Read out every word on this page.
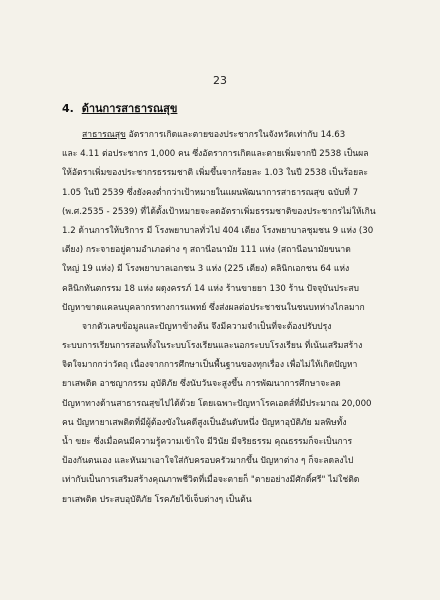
23
4. ด้านการสาธารณสุข
สาธารณสุข อัตราการเกิดและตายของประชากรในจังหวัดเท่ากับ 14.63
และ 4.11 ต่อประชากร 1,000 คน ซึ่งอัตราการเกิดและตายเพิ่มจากปี 2538 เป็นผล
ให้อัตราเพิ่มของประชากรธรรมชาติ เพิ่มขึ้นจากร้อยละ 1.03 ในปี 2538 เป็นร้อยละ
1.05 ในปี 2539 ซึ่งยังคงต่ำกว่าเป้าหมายในแผนพัฒนาการสาธารณสุข ฉบับที่ 7
(พ.ศ.2535 - 2539) ที่ได้ตั้งเป้าหมายจะลดอัตราเพิ่มธรรมชาติของประชากรไม่ให้เกิน
1.2 ด้านการให้บริการ มี โรงพยาบาลทั่วไป 404 เตียง โรงพยาบาลชุมชน 9 แห่ง (30
เตียง) กระจายอยู่ตามอำเภอต่าง ๆ สถานีอนามัย 111 แห่ง (สถานีอนามัยขนาด
ใหญ่ 19 แห่ง) มี โรงพยาบาลเอกชน 3 แห่ง (225 เตียง) คลินิกเอกชน 64 แห่ง
คลินิกทันตกรรม 18 แห่ง ผดุงครรภ์ 14 แห่ง ร้านขายยา 130 ร้าน ปัจจุบันประสบ
ปัญหาขาดแคลนบุคลากรทางการแพทย์ ซึ่งส่งผลต่อประชาชนในชนบทห่างไกลมาก
จากตัวเลขข้อมูลและปัญหาข้างต้น จึงมีความจำเป็นที่จะต้องปรับปรุง
ระบบการเรียนการสอนทั้งในระบบโรงเรียนและนอกระบบโรงเรียน ที่เน้นเสริมสร้าง
จิตใจมากกว่าวัตถุ เนื่องจากการศึกษาเป็นพื้นฐานของทุกเรื่อง เพื่อไม่ให้เกิดปัญหา
ยาเสพติด อาชญากรรม อุบัติภัย ซึ่งนับวันจะสูงขึ้น การพัฒนาการศึกษาจะลด
ปัญหาทางด้านสาธารณสุขไปได้ด้วย โดยเฉพาะปัญหาโรคเอดส์ที่มีประมาณ 20,000
คน ปัญหายาเสพติดที่มีผู้ต้องขังในคดีสูงเป็นอันดับหนึ่ง ปัญหาอุบัติภัย มลพิษทั้ง
น้ำ ขยะ ซึ่งเมื่อคนมีความรู้ความเข้าใจ มีวินัย มีจริยธรรม คุณธรรมก็จะเป็นการ
ป้องกันตนเอง และหันมาเอาใจใส่กับครอบครัวมากขึ้น ปัญหาต่าง ๆ ก็จะลดลงไป
เท่ากับเป็นการเสริมสร้างคุณภาพชีวิตที่เมื่อจะตายก็ "ตายอย่างมีศักดิ์ศรี" ไม่ใช่ติด
ยาเสพติด ประสบอุบัติภัย โรคภัยไข้เจ็บต่างๆ เป็นต้น
